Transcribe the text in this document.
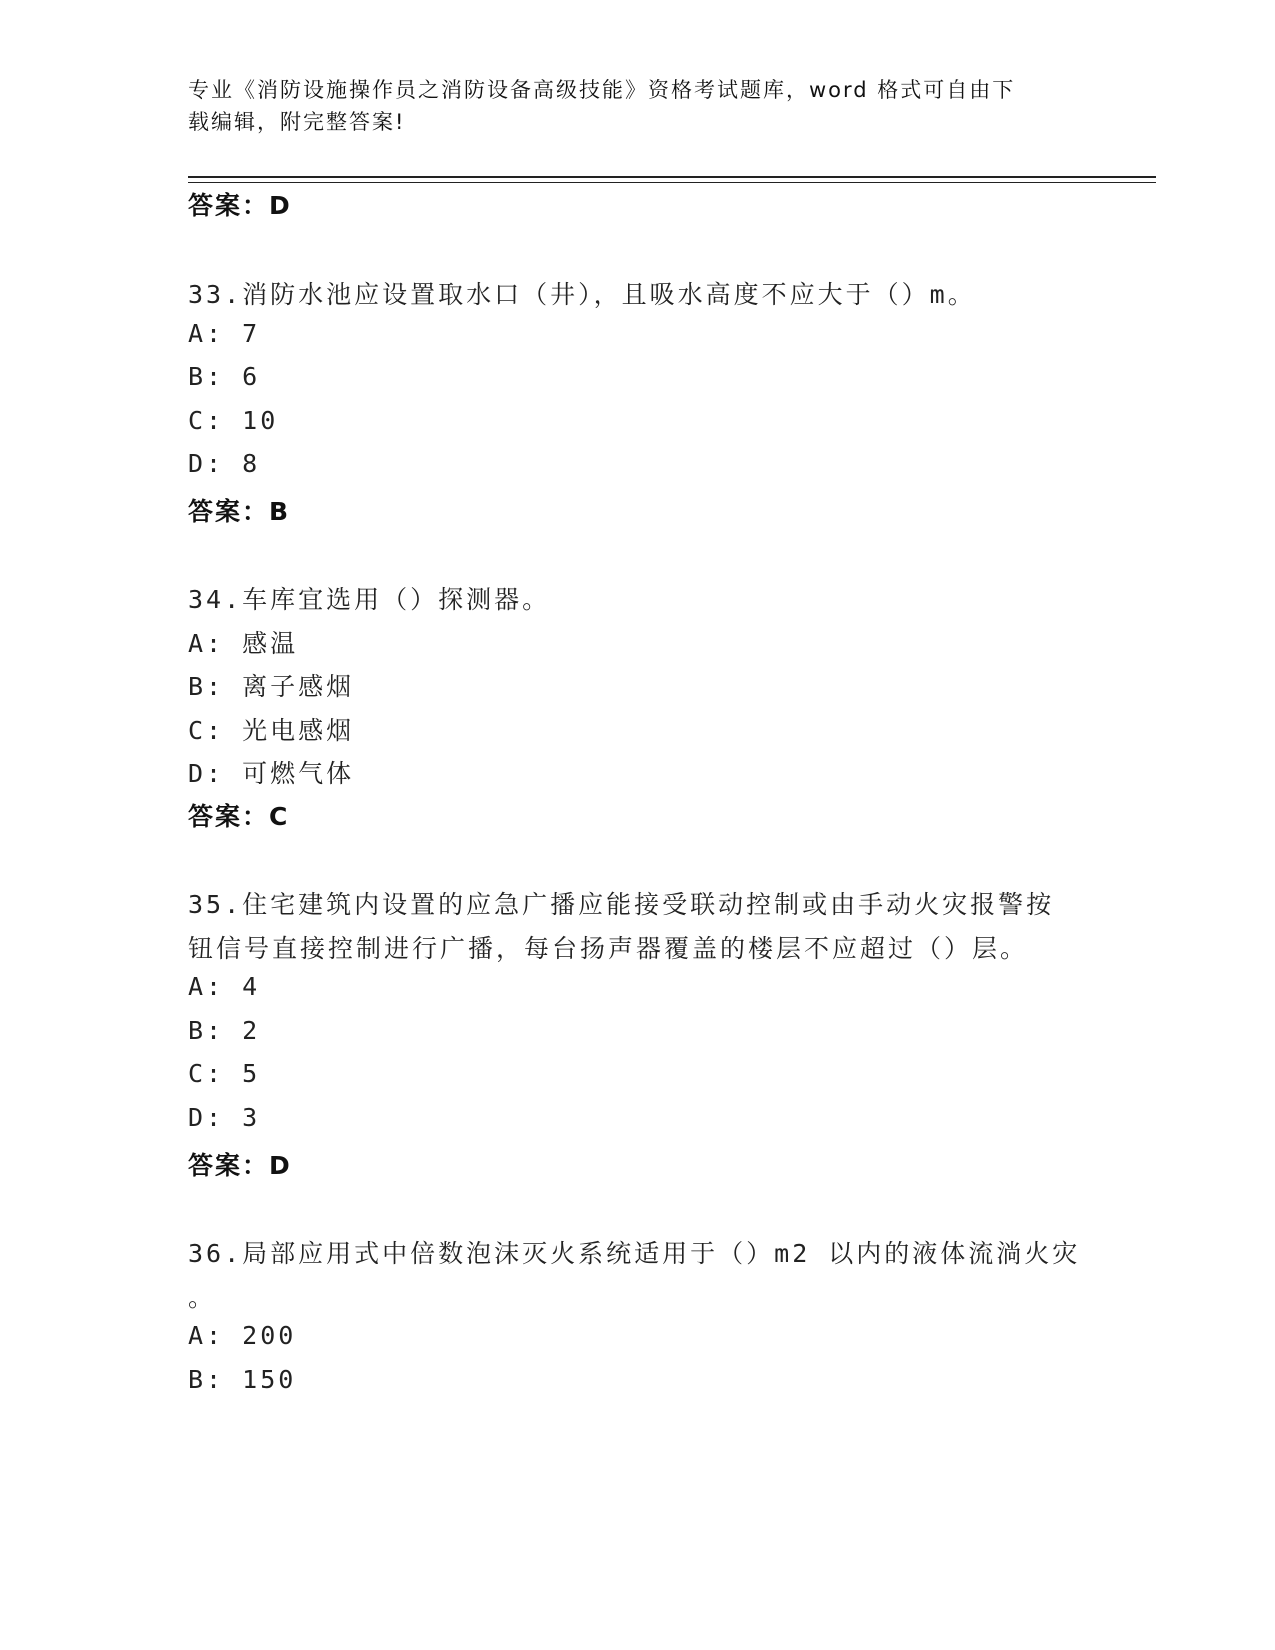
专业《消防设施操作员之消防设备高级技能》资格考试题库，word 格式可自由下
载编辑，附完整答案!
答案：D
33.消防水池应设置取水口（井），且吸水高度不应大于（）m。
A: 7
B: 6
C: 10
D: 8
答案：B
34.车库宜选用（）探测器。
A: 感温
B: 离子感烟
C: 光电感烟
D: 可燃气体
答案：C
35.住宅建筑内设置的应急广播应能接受联动控制或由手动火灾报警按
钮信号直接控制进行广播，每台扬声器覆盖的楼层不应超过（）层。
A: 4
B: 2
C: 5
D: 3
答案：D
36.局部应用式中倍数泡沫灭火系统适用于（）m2 以内的液体流淌火灾
。
A: 200
B: 150
